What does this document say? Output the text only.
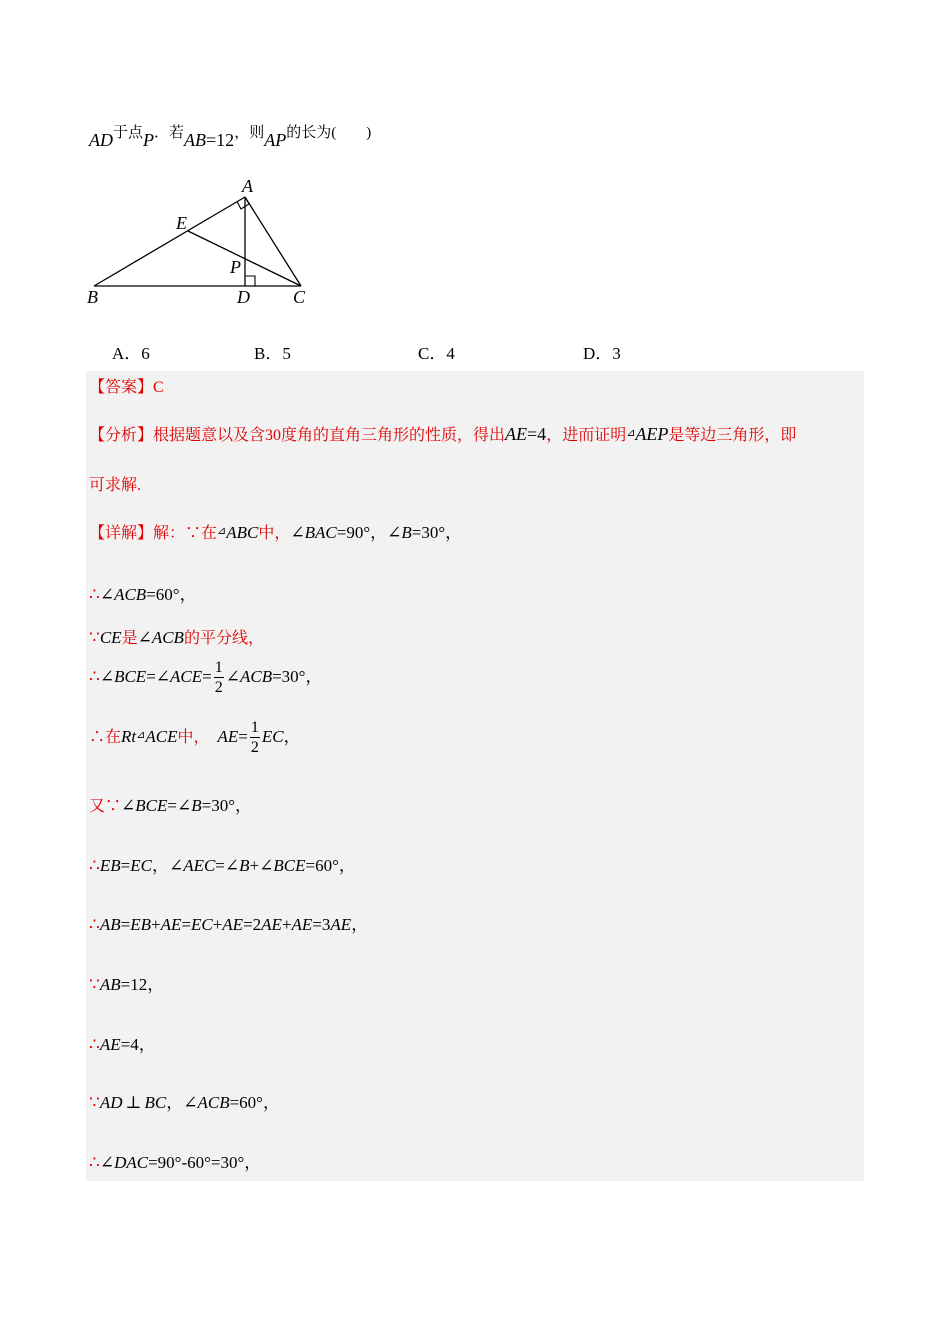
AD于点P．若AB=12，则AP的长为(　　)
A
E
P
B	D C
A．6	B．5	C．4	D．3
【答案】C
【分析】根据题意以及含30度角的直角三角形的性质，得出AE=4，进而证明⊿AEP是等边三角形，即
可求解.
【详解】解：∵在⊿ABC中，∠BAC=90°，∠B=30°，
∴∠ACB=60°，
∵CE是∠ACB的平分线，
∴∠BCE=∠ACE= $\frac{1}{2}$ ∠ACB=30°，
∴在Rt⊿ACE中， $AE= \frac{1}{2}$ EC，
又∵∠BCE=∠B=30°，
∴EB=EC，∠AEC=∠B+∠BCE=60°，
∴AB=EB+AE=EC+AE=2AE+AE=3AE，
∵AB=12，
∴AE=4，
∵AD ⊥ BC，∠ACB=60°，
∴∠DAC=90°-60°=30°，
